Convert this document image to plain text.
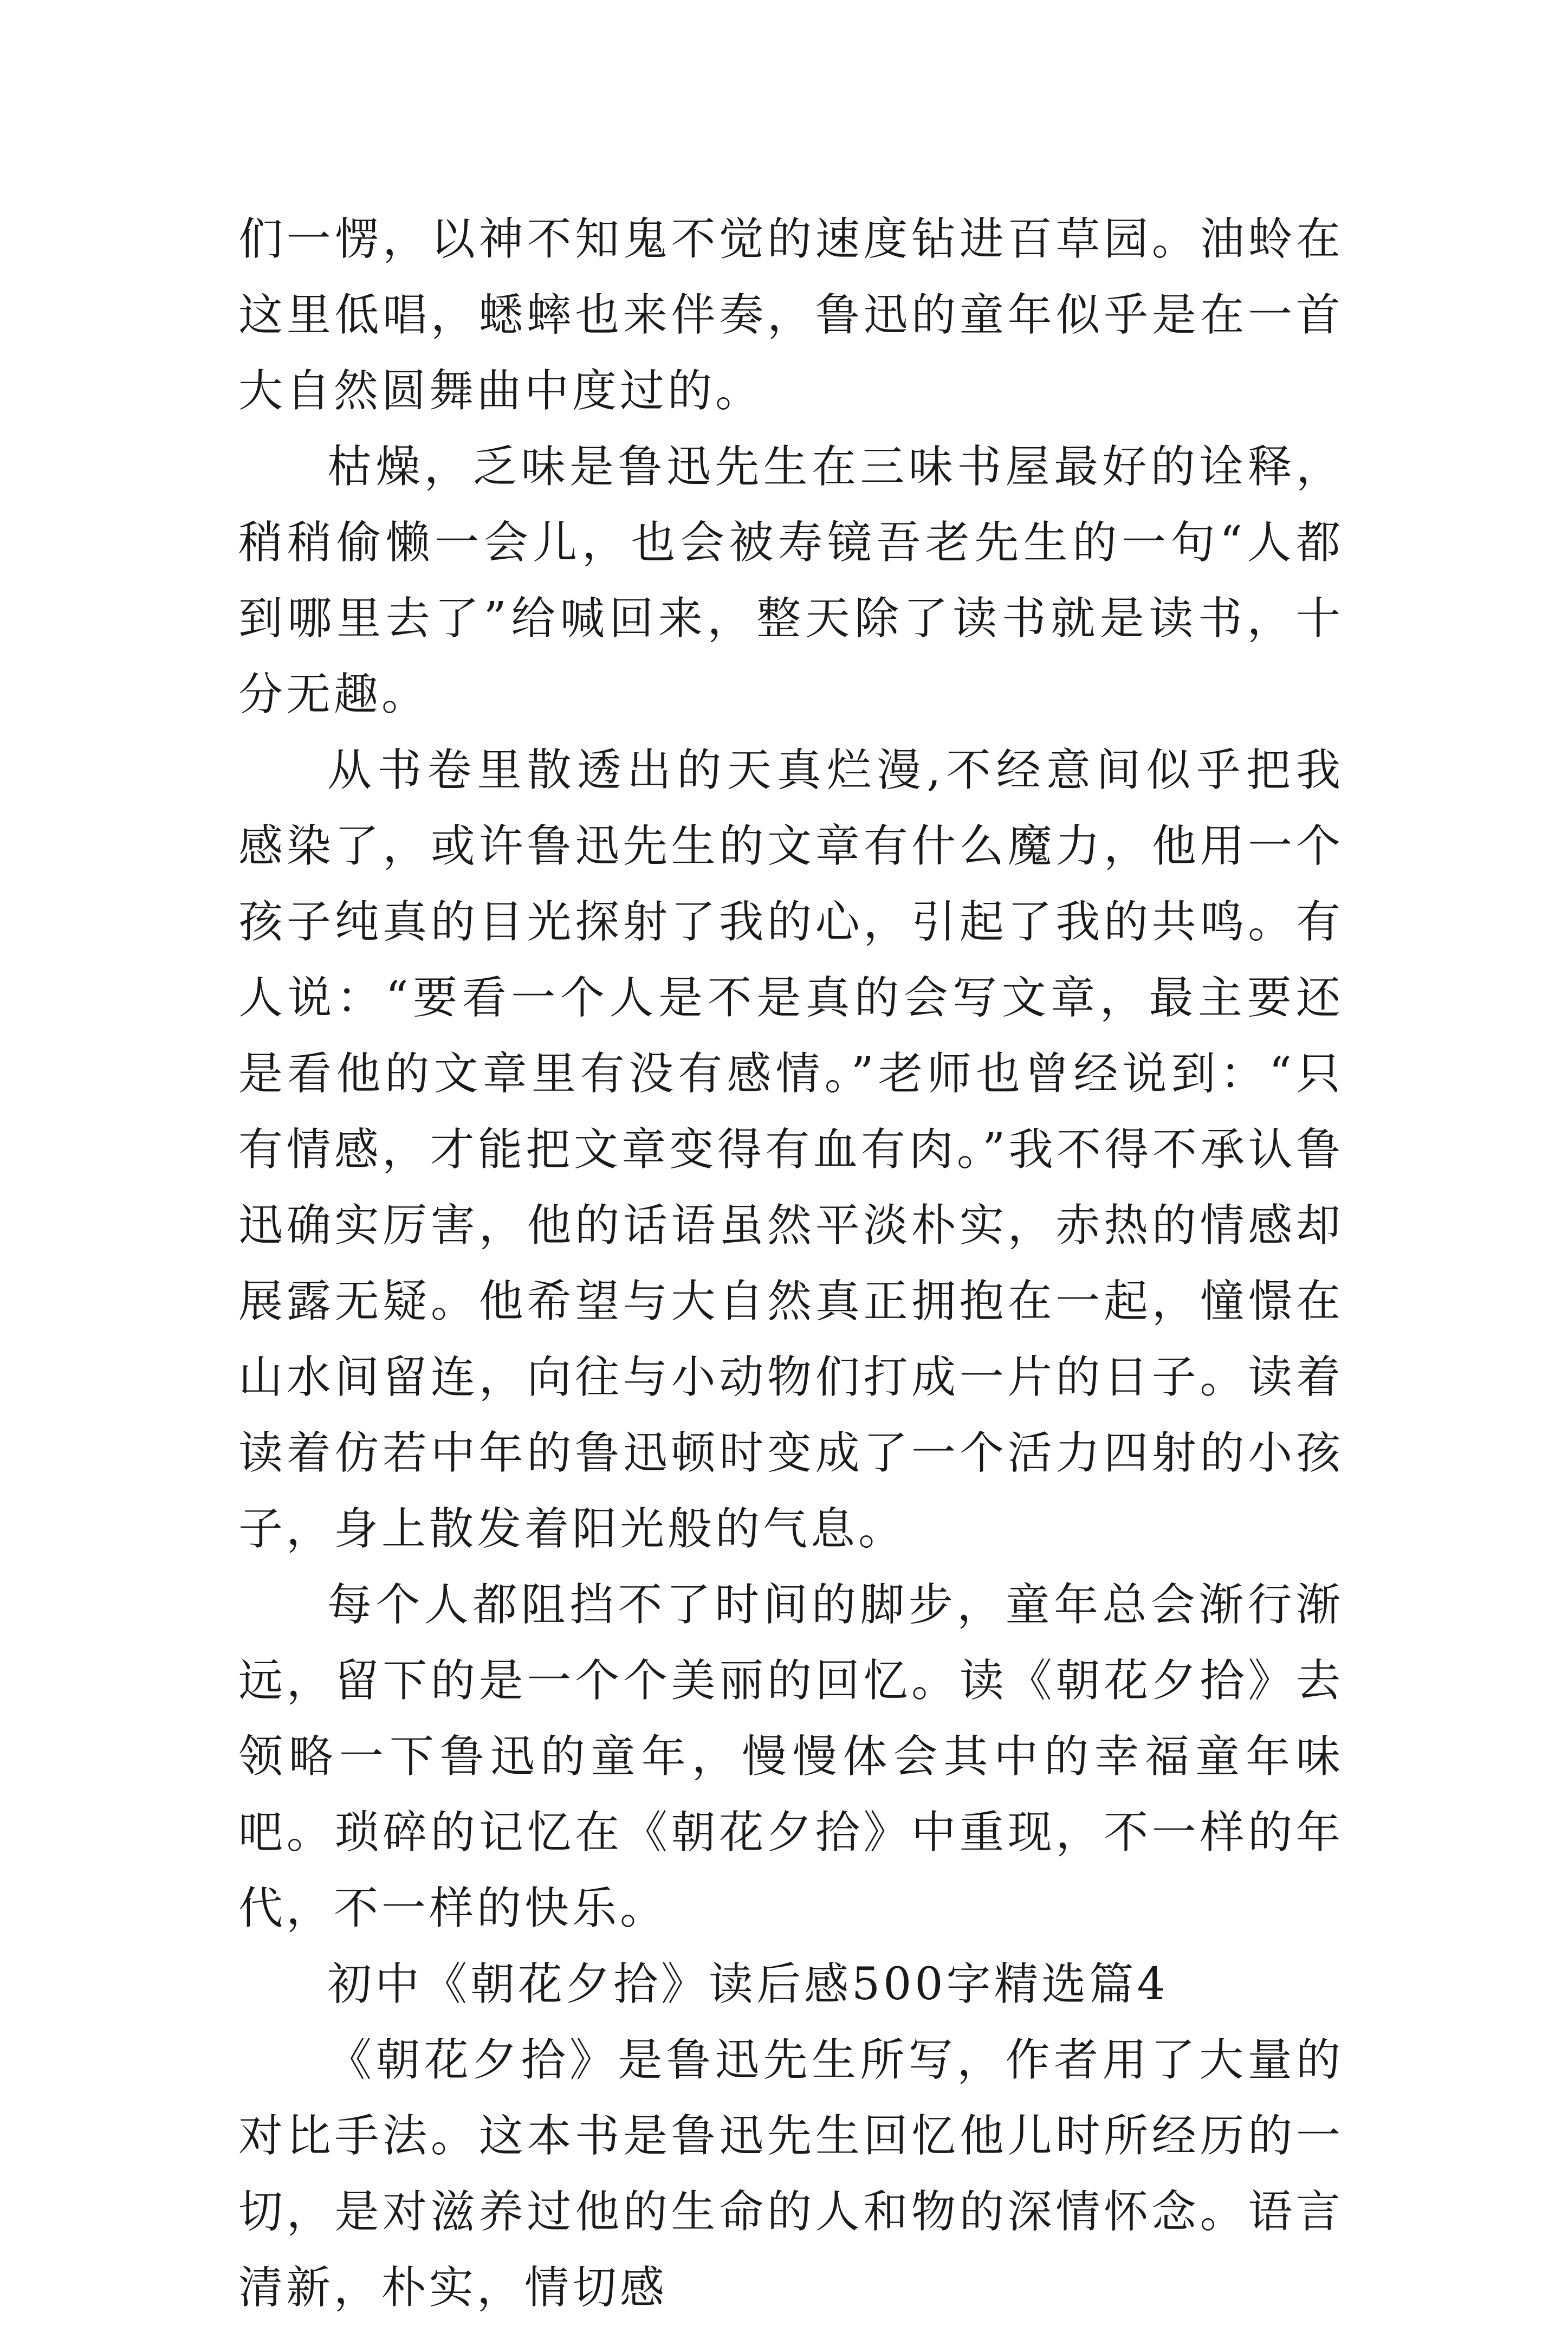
们一愣，以神不知鬼不觉的速度钻进百草园。油蛉在这里低唱，蟋蟀也来伴奏，鲁迅的童年似乎是在一首大自然圆舞曲中度过的。

枯燥，乏味是鲁迅先生在三味书屋最好的诠释，稍稍偷懒一会儿，也会被寿镜吾老先生的一句“人都到哪里去了”给喊回来，整天除了读书就是读书，十分无趣。

从书卷里散透出的天真烂漫,不经意间似乎把我感染了，或许鲁迅先生的文章有什么魔力，他用一个孩子纯真的目光探射了我的心，引起了我的共鸣。有人说：“要看一个人是不是真的会写文章，最主要还是看他的文章里有没有感情。”老师也曾经说到：“只有情感，才能把文章变得有血有肉。”我不得不承认鲁迅确实厉害，他的话语虽然平淡朴实，赤热的情感却展露无疑。他希望与大自然真正拥抱在一起，憧憬在山水间留连，向往与小动物们打成一片的日子。读着读着仿若中年的鲁迅顿时变成了一个活力四射的小孩子，身上散发着阳光般的气息。

每个人都阻挡不了时间的脚步，童年总会渐行渐远，留下的是一个个美丽的回忆。读《朝花夕拾》去领略一下鲁迅的童年，慢慢体会其中的幸福童年味吧。琐碎的记忆在《朝花夕拾》中重现，不一样的年代，不一样的快乐。

初中《朝花夕拾》读后感500字精选篇4

《朝花夕拾》是鲁迅先生所写，作者用了大量的对比手法。这本书是鲁迅先生回忆他儿时所经历的一切，是对滋养过他的生命的人和物的深情怀念。语言清新，朴实，情切感
